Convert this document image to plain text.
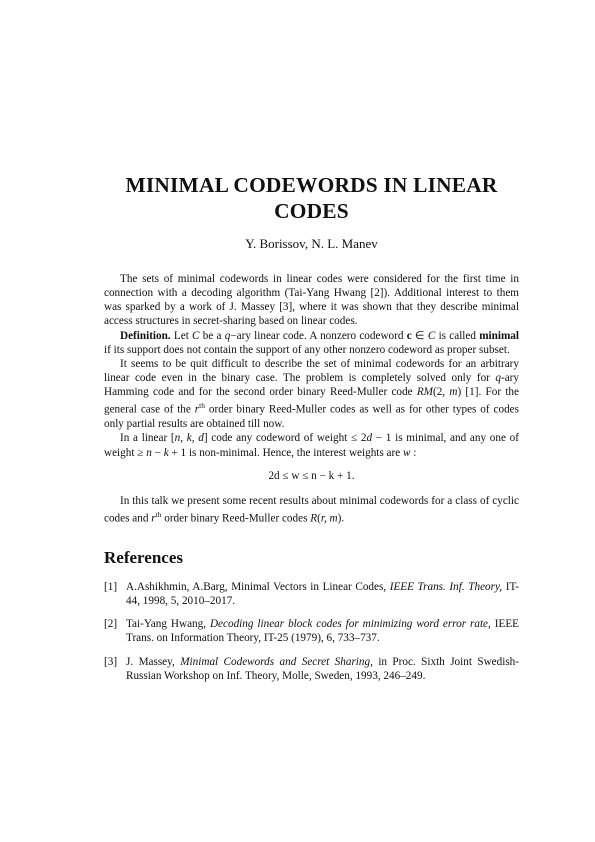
MINIMAL CODEWORDS IN LINEAR CODES
Y. Borissov, N. L. Manev

The sets of minimal codewords in linear codes were considered for the first time in connection with a decoding algorithm (Tai-Yang Hwang [2]). Additional interest to them was sparked by a work of J. Massey [3], where it was shown that they describe minimal access structures in secret-sharing based on linear codes.

Definition. Let C be a q−ary linear code. A nonzero codeword c ∈ C is called minimal if its support does not contain the support of any other nonzero codeword as proper subset.

It seems to be quit difficult to describe the set of minimal codewords for an arbitrary linear code even in the binary case. The problem is completely solved only for q-ary Hamming code and for the second order binary Reed-Muller code RM(2, m) [1]. For the general case of the $r^{th}$ order binary Reed-Muller codes as well as for other types of codes only partial results are obtained till now.

In a linear [n, k, d] code any codeword of weight ≤ 2d − 1 is minimal, and any one of weight ≥ n − k + 1 is non-minimal. Hence, the interest weights are w :

2d ≤ w ≤ n − k + 1.

In this talk we present some recent results about minimal codewords for a class of cyclic codes and $r^{th}$ order binary Reed-Muller codes R(r, m).

References
[1] A.Ashikhmin, A.Barg, Minimal Vectors in Linear Codes, IEEE Trans. Inf. Theory, IT-44, 1998, 5, 2010–2017.
[2] Tai-Yang Hwang, Decoding linear block codes for minimizing word error rate, IEEE Trans. on Information Theory, IT-25 (1979), 6, 733–737.
[3] J. Massey, Minimal Codewords and Secret Sharing, in Proc. Sixth Joint Swedish-Russian Workshop on Inf. Theory, Molle, Sweden, 1993, 246–249.
